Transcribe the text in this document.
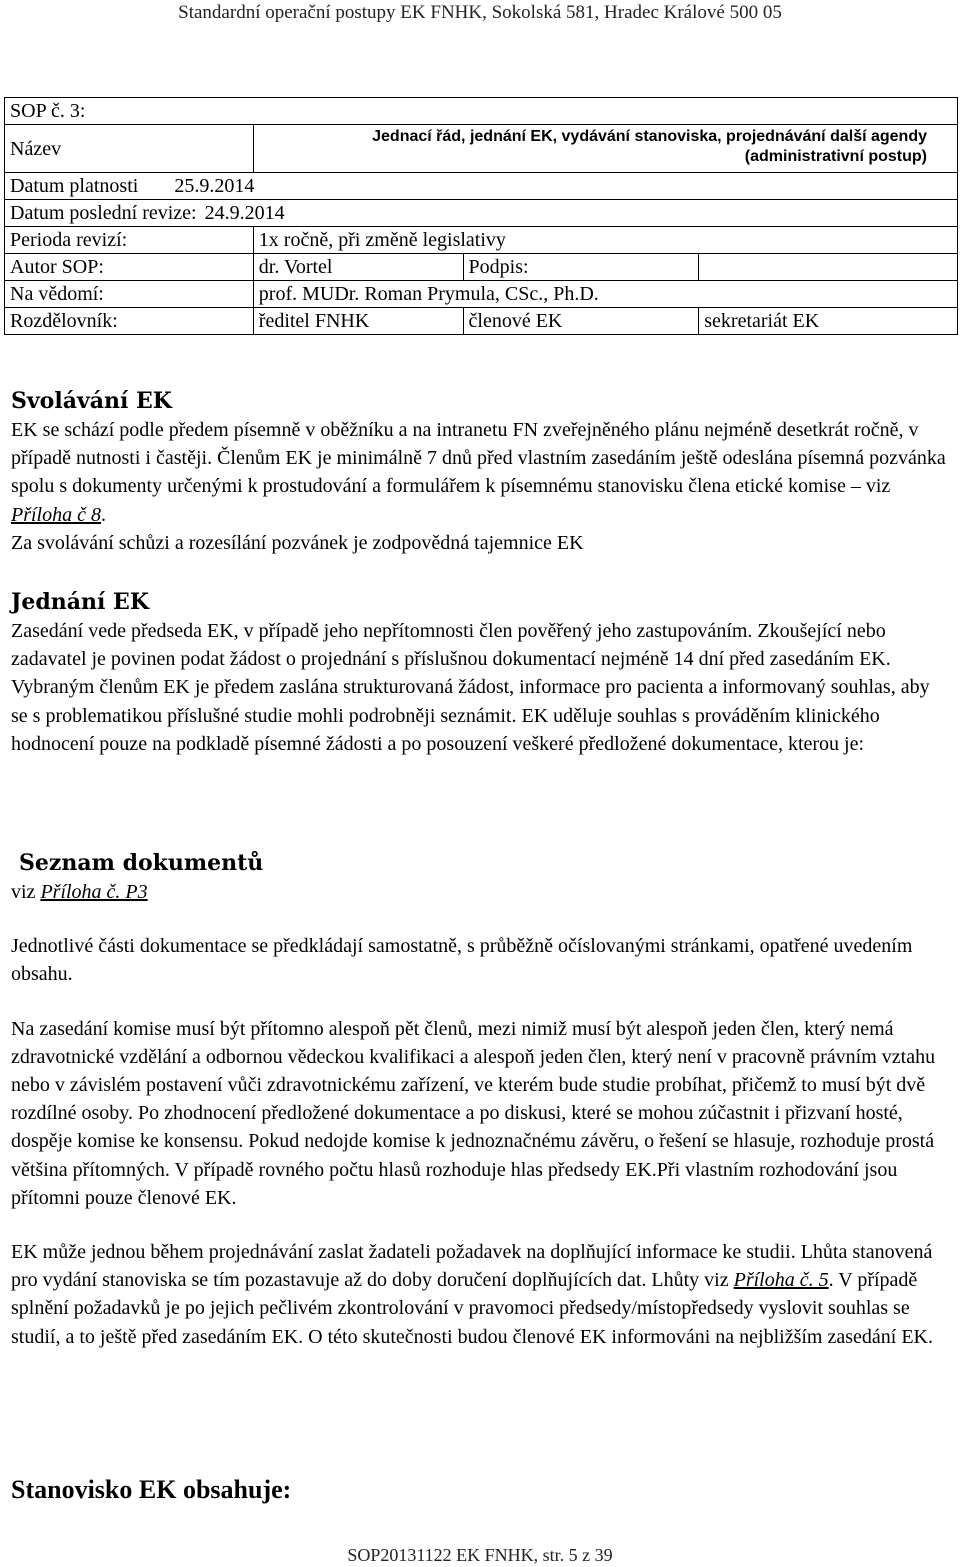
Standardní operační postupy EK FNHK, Sokolská 581, Hradec Králové 500 05
SOP č. 3:			
Název	Jednací řád, jednání EK, vydávání stanoviska, projednávání další agendy
(administrativní postup)		
Datum platnosti 25.9.2014			
Datum poslední revize: 24.9.2014			
Perioda revizí:	1x ročně, při změně legislativy		
Autor SOP:	dr. Vortel	Podpis:	
Na vědomí:	prof. MUDr. Roman Prymula, CSc., Ph.D.		
Rozdělovník:	ředitel FNHK	členové EK	sekretariát EK

Svolávání EK

EK se schází podle předem písemně v oběžníku a na intranetu FN zveřejněného plánu nejméně desetkrát ročně, v případě nutnosti i častěji. Členům EK je minimálně 7 dnů před vlastním zasedáním ještě odeslána písemná pozvánka spolu s dokumenty určenými k prostudování a formulářem k písemnému stanovisku člena etické komise – viz Příloha č 8.

Za svolávání schůzi a rozesílání pozvánek je zodpovědná tajemnice EK

Jednání EK

Zasedání vede předseda EK, v případě jeho nepřítomnosti člen pověřený jeho zastupováním. Zkoušející nebo zadavatel je povinen podat žádost o projednání s příslušnou dokumentací nejméně 14 dní před zasedáním EK. Vybraným členům EK je předem zaslána strukturovaná žádost, informace pro pacienta a informovaný souhlas, aby se s problematikou příslušné studie mohli podrobněji seznámit. EK uděluje souhlas s prováděním klinického hodnocení pouze na podkladě písemné žádosti a po posouzení veškeré předložené dokumentace, kterou je:

Seznam dokumentů

viz Příloha č. P3

Jednotlivé části dokumentace se předkládají samostatně, s průběžně očíslovanými stránkami, opatřené uvedením obsahu.

Na zasedání komise musí být přítomno alespoň pět členů, mezi nimiž musí být alespoň jeden člen, který nemá zdravotnické vzdělání a odbornou vědeckou kvalifikaci a alespoň jeden člen, který není v pracovně právním vztahu nebo v závislém postavení vůči zdravotnickému zařízení, ve kterém bude studie probíhat, přičemž to musí být dvě rozdílné osoby. Po zhodnocení předložené dokumentace a po diskusi, které se mohou zúčastnit i přizvaní hosté, dospěje komise ke konsensu. Pokud nedojde komise k jednoznačnému závěru, o řešení se hlasuje, rozhoduje prostá většina přítomných. V případě rovného počtu hlasů rozhoduje hlas předsedy EK.Při vlastním rozhodování jsou přítomni pouze členové EK.

EK může jednou během projednávání zaslat žadateli požadavek na doplňující informace ke studii. Lhůta stanovená pro vydání stanoviska se tím pozastavuje až do doby doručení doplňujících dat. Lhůty viz Příloha č. 5. V případě splnění požadavků je po jejich pečlivém zkontrolování v pravomoci předsedy/místopředsedy vyslovit souhlas se studií, a to ještě před zasedáním EK. O této skutečnosti budou členové EK informováni na nejbližším zasedání EK.

Stanovisko EK obsahuje:

SOP20131122 EK FNHK, str. 5 z 39
